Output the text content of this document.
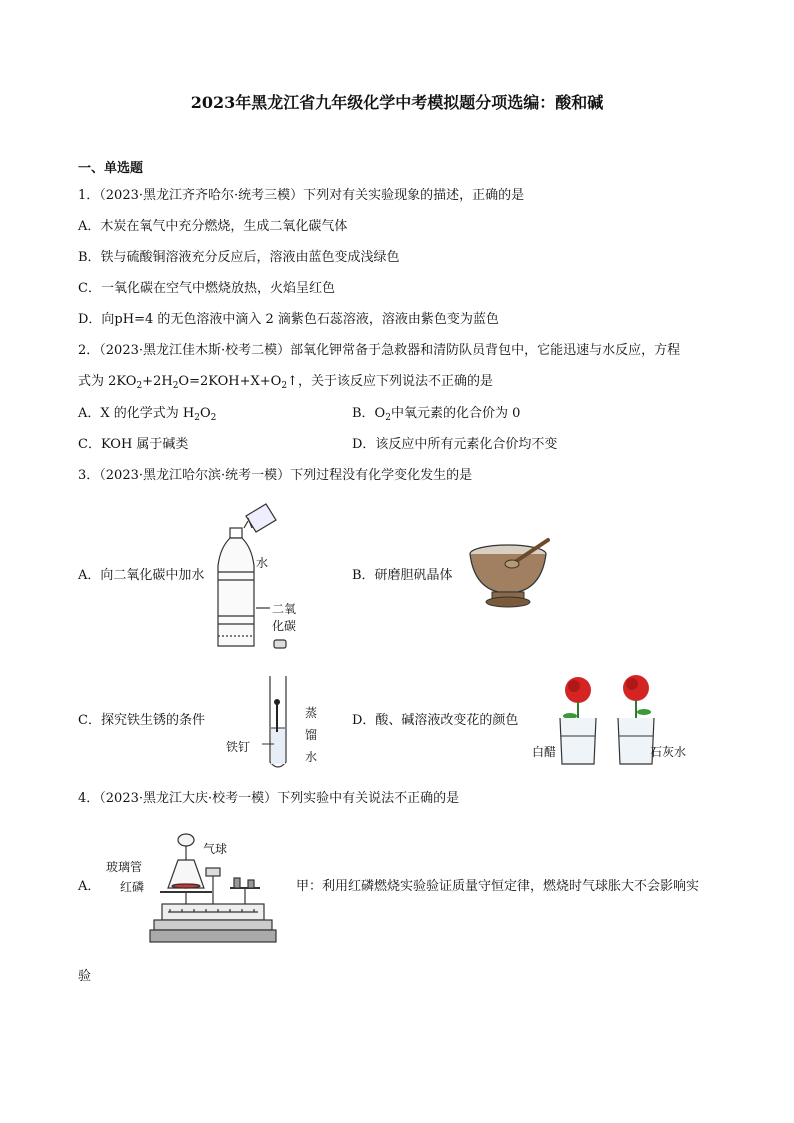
2023年黑龙江省九年级化学中考模拟题分项选编：酸和碱
一、单选题
1．（2023·黑龙江齐齐哈尔·统考三模）下列对有关实验现象的描述，正确的是
A．木炭在氧气中充分燃烧，生成二氧化碳气体
B．铁与硫酸铜溶液充分反应后，溶液由蓝色变成浅绿色
C．一氧化碳在空气中燃烧放热，火焰呈红色
D．向pH=4 的无色溶液中滴入 2 滴紫色石蕊溶液，溶液由紫色变为蓝色
2．（2023·黑龙江佳木斯·校考二模）部氧化钾常备于急救器和清防队员背包中，它能迅速与水反应，方程
式为 $2KO_2+2H_2O=2KOH+X+O_2↑$，关于该反应下列说法不正确的是
A．X 的化学式为 $H_2O_2$	B．$O_2$中氧元素的化合价为 0
C．KOH 属于碱类	D．该反应中所有元素化合价均不变
3．（2023·黑龙江哈尔滨·统考一模）下列过程没有化学变化发生的是
A．向二氧化碳中加水
水
二氧
化碳
B．研磨胆矾晶体
C．探究铁生锈的条件
铁钉
蒸
馏
水
D．酸、碱溶液改变花的颜色
白醋	石灰水
4．（2023·黑龙江大庆·校考一模）下列实验中有关说法不正确的是
A．
气球
玻璃管
红磷	甲：利用红磷燃烧实验验证质量守恒定律，燃烧时气球胀大不会影响实
验
